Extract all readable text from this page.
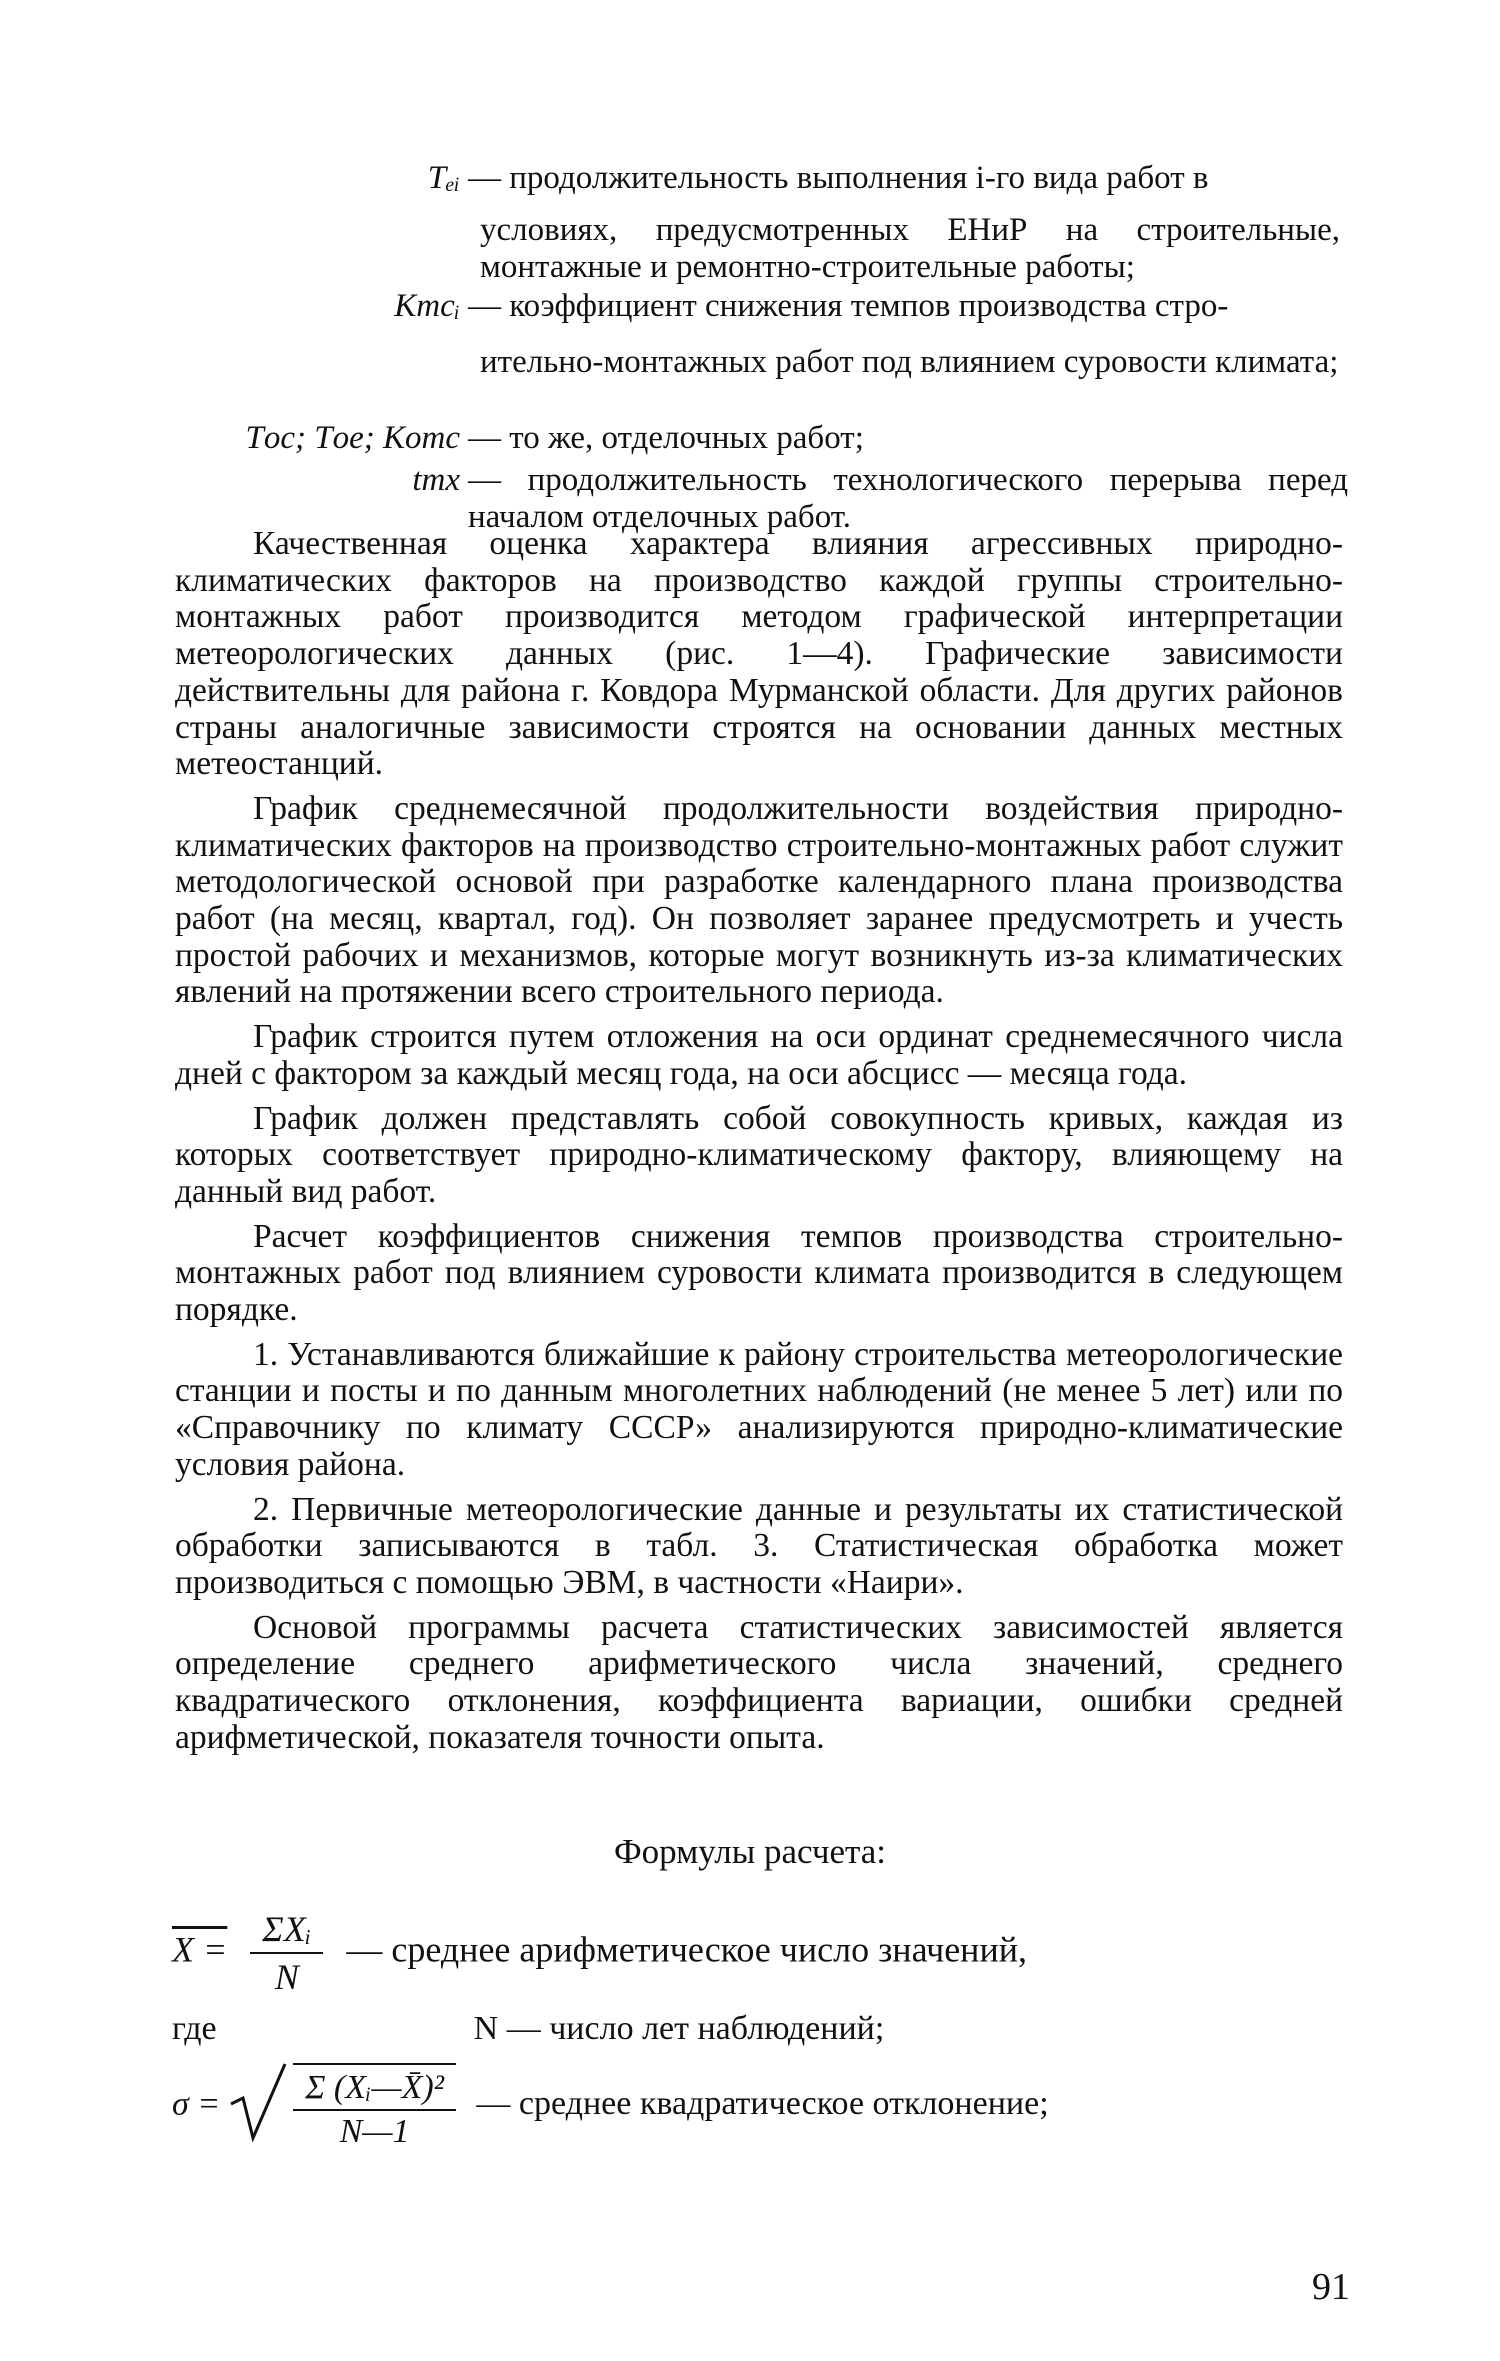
Tₑᵢ — продолжительность выполнения i-го вида работ в
условиях, предусмотренных ЕНиР на строительные, монтажные и ремонтно-строительные работы;
Kтcᵢ — коэффициент снижения темпов производства стро-
ительно-монтажных работ под влиянием суровости климата;
Tос; Tое; Kотс — то же, отделочных работ;
tтх — продолжительность технологического перерыва перед началом отделочных работ.

Качественная оценка характера влияния агрессивных природно-климатических факторов на производство каждой группы строительно-монтажных работ производится методом графической интерпретации метеорологических данных (рис. 1—4). Графические зависимости действительны для района г. Ковдора Мурманской области. Для других районов страны аналогичные зависимости строятся на основании данных местных метеостанций.

График среднемесячной продолжительности воздействия природно-климатических факторов на производство строительно-монтажных работ служит методологической основой при разработке календарного плана производства работ (на месяц, квартал, год). Он позволяет заранее предусмотреть и учесть простой рабочих и механизмов, которые могут возникнуть из-за климатических явлений на протяжении всего строительного периода.

График строится путем отложения на оси ординат среднемесячного числа дней с фактором за каждый месяц года, на оси абсцисс — месяца года.

График должен представлять собой совокупность кривых, каждая из которых соответствует природно-климатическому фактору, влияющему на данный вид работ.

Расчет коэффициентов снижения темпов производства строительно-монтажных работ под влиянием суровости климата производится в следующем порядке.

1. Устанавливаются ближайшие к району строительства метеорологические станции и посты и по данным многолетних наблюдений (не менее 5 лет) или по «Справочнику по климату СССР» анализируются природно-климатические условия района.

2. Первичные метеорологические данные и результаты их статистической обработки записываются в табл. 3. Статистическая обработка может производиться с помощью ЭВМ, в частности «Наири».

Основой программы расчета статистических зависимостей является определение среднего арифметического числа значений, среднего квадратического отклонения, коэффициента вариации, ошибки средней арифметической, показателя точности опыта.

Формулы расчета:
$X = \frac{\text{ΣXᵢ}}{N}$ — среднее арифметическое число значений,
где	N — число лет наблюдений;
$\sigma = \frac{\text{Σ (Xᵢ—X̄)²}}{N—1}$ — среднее квадратическое отклонение;
91
